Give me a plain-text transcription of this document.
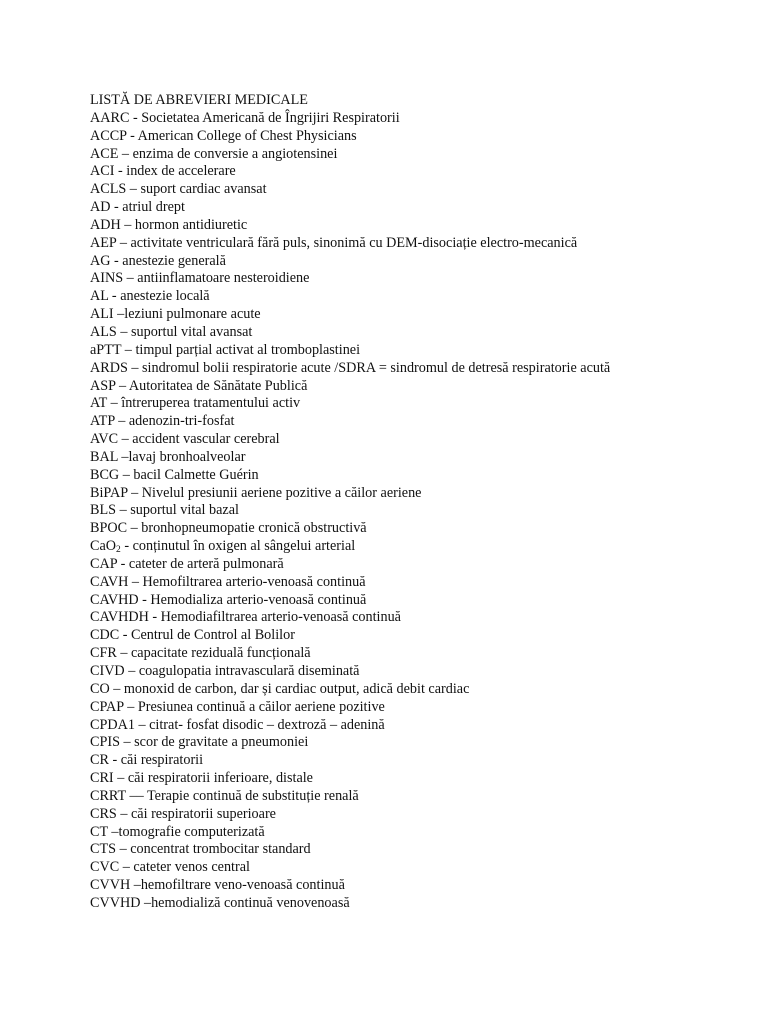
LISTĂ DE ABREVIERI MEDICALE
AARC - Societatea Americană de Îngrijiri Respiratorii
ACCP - American College of Chest Physicians
ACE – enzima de conversie a angiotensinei
ACI - index de accelerare
ACLS – suport cardiac avansat
AD - atriul drept
ADH – hormon antidiuretic
AEP – activitate ventriculară fără puls, sinonimă cu DEM-disociație electro-mecanică
AG - anestezie generală
AINS – antiinflamatoare nesteroidiene
AL - anestezie locală
ALI –leziuni pulmonare acute
ALS – suportul vital avansat
aPTT – timpul parțial activat al tromboplastinei
ARDS – sindromul bolii respiratorie acute /SDRA = sindromul de detresă respiratorie acută
ASP – Autoritatea de Sănătate Publică
AT – întreruperea tratamentului activ
ATP – adenozin-tri-fosfat
AVC – accident vascular cerebral
BAL –lavaj bronhoalveolar
BCG – bacil Calmette Guérin
BiPAP – Nivelul presiunii aeriene pozitive a căilor aeriene
BLS – suportul vital bazal
BPOC – bronhopneumopatie cronică obstructivă
CaO$_2$ - conținutul în oxigen al sângelui arterial
CAP - cateter de arteră pulmonară
CAVH – Hemofiltrarea arterio-venoasă continuă
CAVHD - Hemodializa arterio-venoasă continuă
CAVHDH - Hemodiafiltrarea arterio-venoasă continuă
CDC - Centrul de Control al Bolilor
CFR – capacitate reziduală funcțională
CIVD – coagulopatia intravasculară diseminată
CO – monoxid de carbon, dar și cardiac output, adică debit cardiac
CPAP – Presiunea continuă a căilor aeriene pozitive
CPDA1 – citrat- fosfat disodic – dextroză – adenină
CPIS – scor de gravitate a pneumoniei
CR - căi respiratorii
CRI – căi respiratorii inferioare, distale
CRRT –– Terapie continuă de substituție renală
CRS – căi respiratorii superioare
CT –tomografie computerizată
CTS – concentrat trombocitar standard
CVC – cateter venos central
CVVH –hemofiltrare veno-venoasă continuă
CVVHD –hemodializă continuă venovenoasă
